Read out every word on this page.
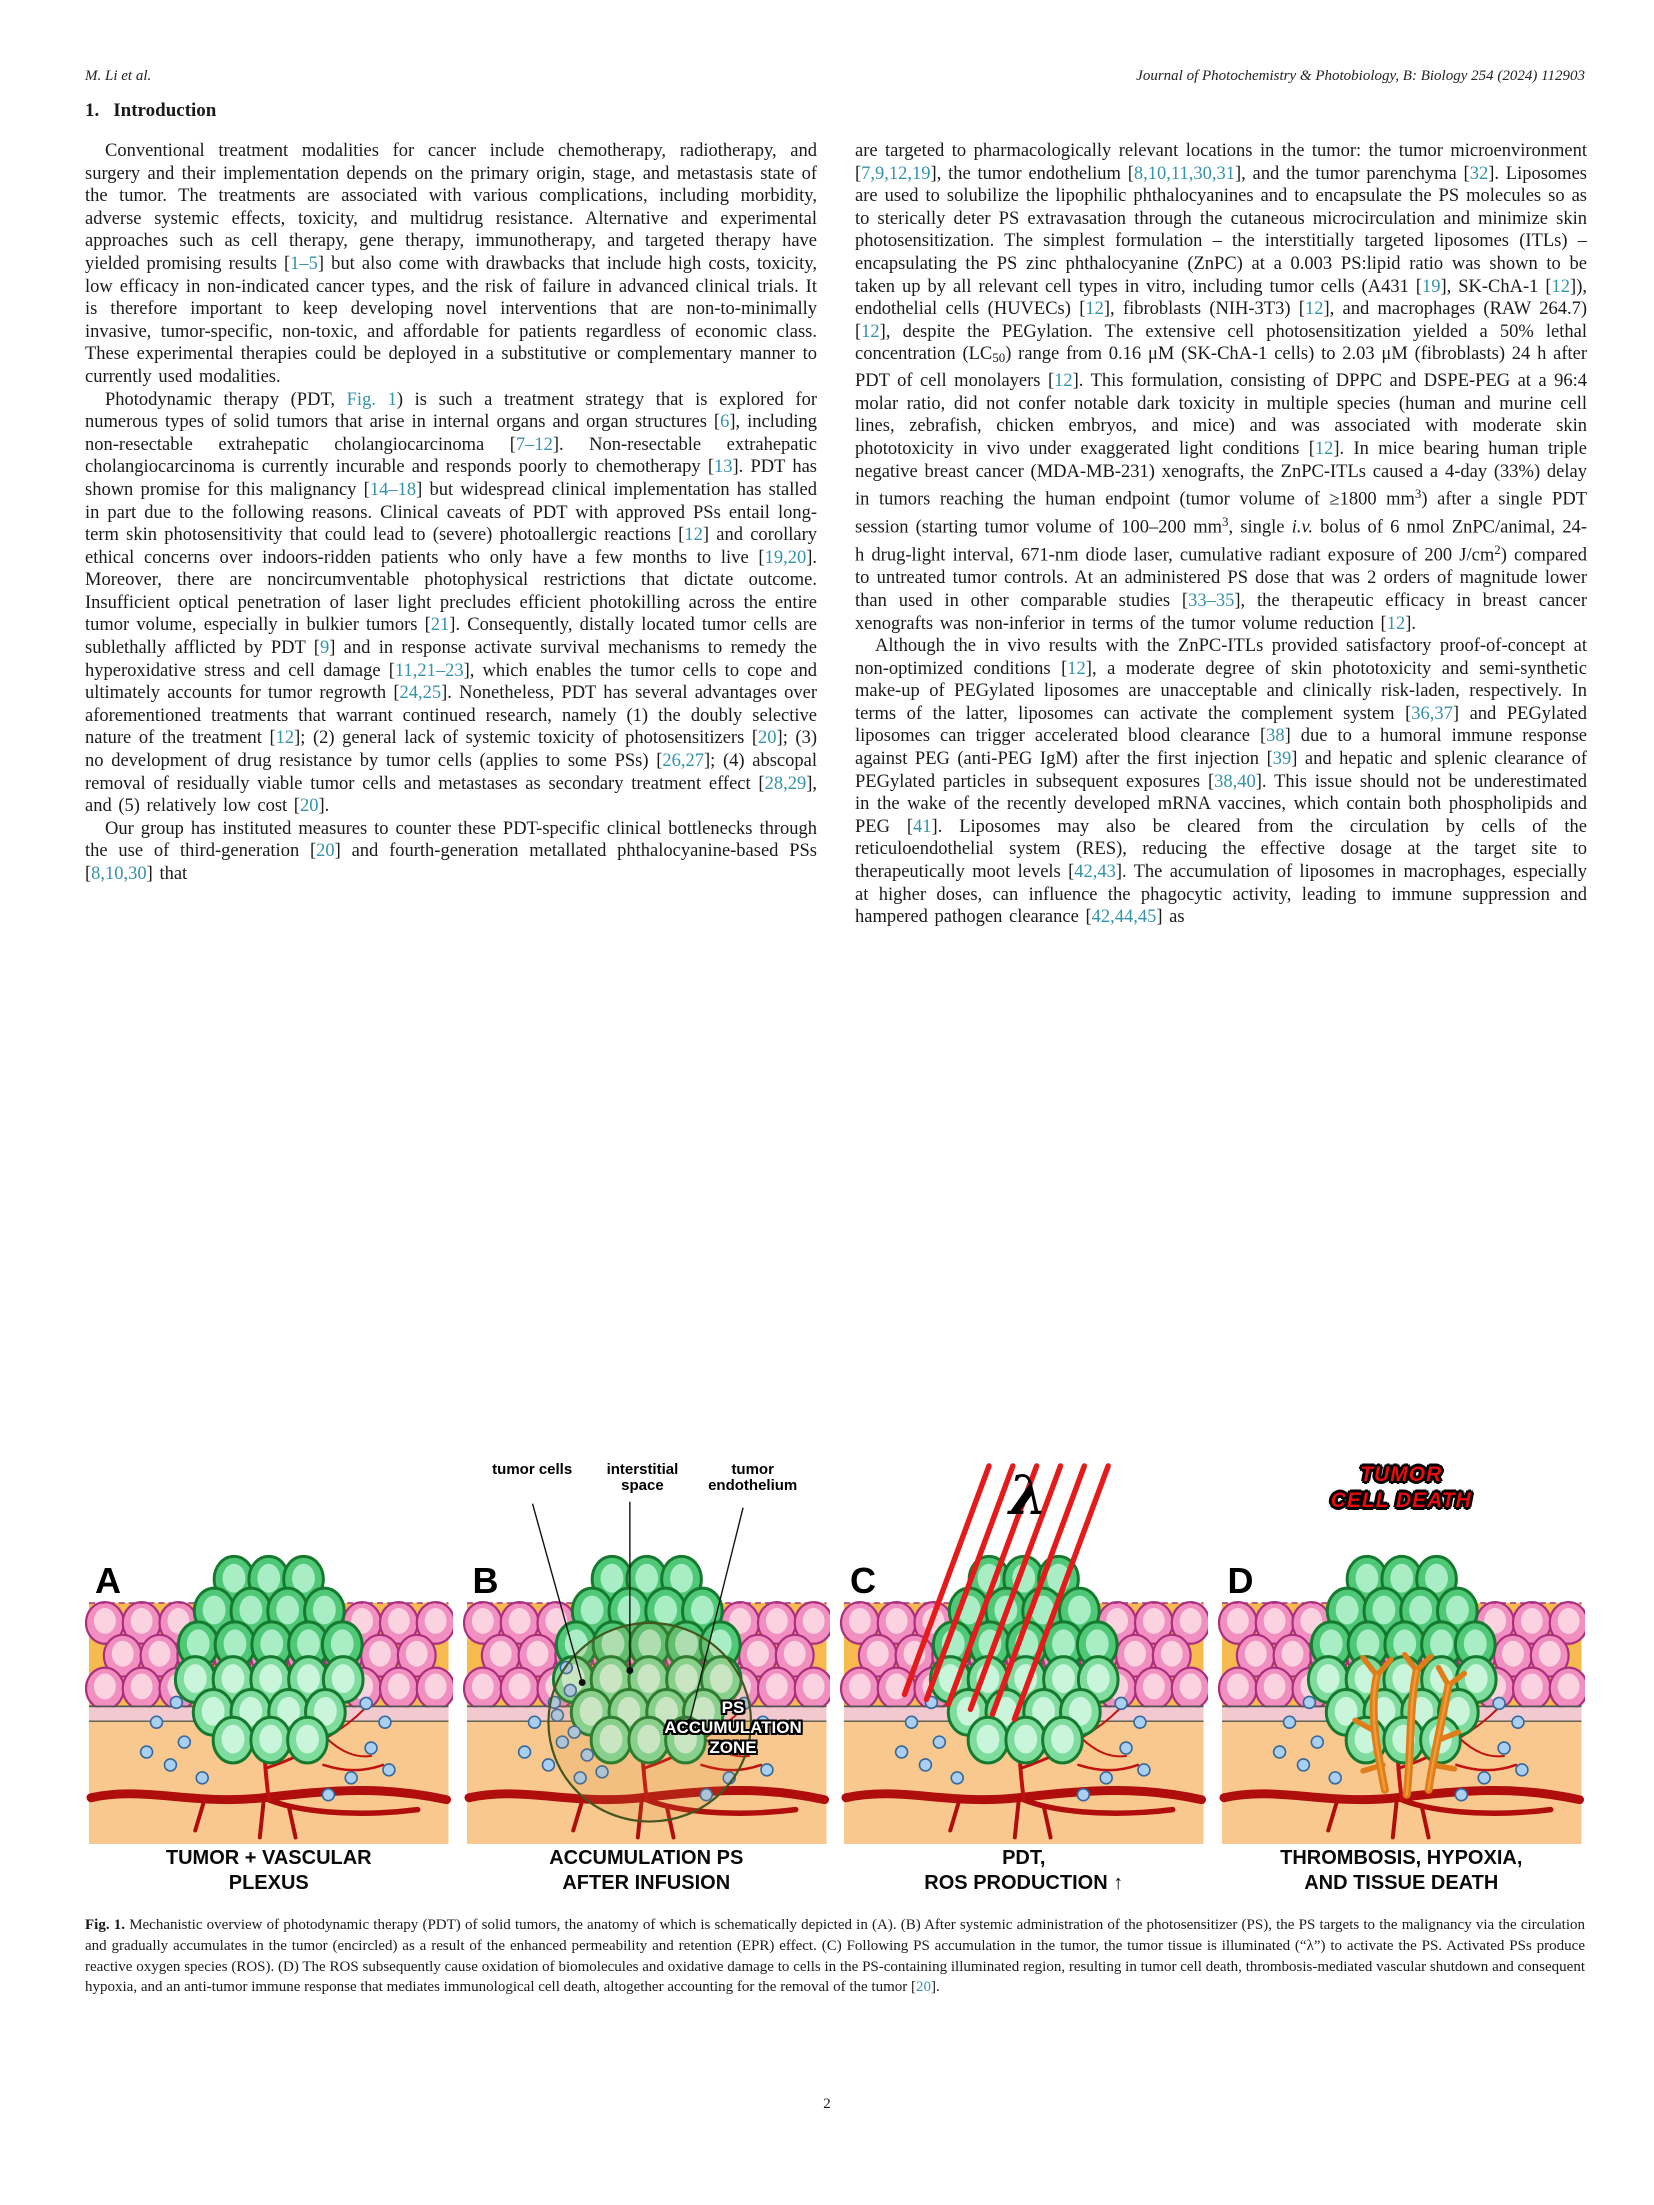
M. Li et al.	Journal of Photochemistry & Photobiology, B: Biology 254 (2024) 112903
1. Introduction

Conventional treatment modalities for cancer include chemotherapy, radiotherapy, and surgery and their implementation depends on the primary origin, stage, and metastasis state of the tumor. The treatments are associated with various complications, including morbidity, adverse systemic effects, toxicity, and multidrug resistance. Alternative and experimental approaches such as cell therapy, gene therapy, immunotherapy, and targeted therapy have yielded promising results [1–5] but also come with drawbacks that include high costs, toxicity, low efficacy in non-indicated cancer types, and the risk of failure in advanced clinical trials. It is therefore important to keep developing novel interventions that are non-to-minimally invasive, tumor-specific, non-toxic, and affordable for patients regardless of economic class. These experimental therapies could be deployed in a substitutive or complementary manner to currently used modalities.

Photodynamic therapy (PDT, Fig. 1) is such a treatment strategy that is explored for numerous types of solid tumors that arise in internal organs and organ structures [6], including non-resectable extrahepatic cholangiocarcinoma [7–12]. Non-resectable extrahepatic cholangiocarcinoma is currently incurable and responds poorly to chemotherapy [13]. PDT has shown promise for this malignancy [14–18] but widespread clinical implementation has stalled in part due to the following reasons. Clinical caveats of PDT with approved PSs entail long-term skin photosensitivity that could lead to (severe) photoallergic reactions [12] and corollary ethical concerns over indoors-ridden patients who only have a few months to live [19,20]. Moreover, there are noncircumventable photophysical restrictions that dictate outcome. Insufficient optical penetration of laser light precludes efficient photokilling across the entire tumor volume, especially in bulkier tumors [21]. Consequently, distally located tumor cells are sublethally afflicted by PDT [9] and in response activate survival mechanisms to remedy the hyperoxidative stress and cell damage [11,21–23], which enables the tumor cells to cope and ultimately accounts for tumor regrowth [24,25]. Nonetheless, PDT has several advantages over aforementioned treatments that warrant continued research, namely (1) the doubly selective nature of the treatment [12]; (2) general lack of systemic toxicity of photosensitizers [20]; (3) no development of drug resistance by tumor cells (applies to some PSs) [26,27]; (4) abscopal removal of residually viable tumor cells and metastases as secondary treatment effect [28,29], and (5) relatively low cost [20].

Our group has instituted measures to counter these PDT-specific clinical bottlenecks through the use of third-generation [20] and fourth-generation metallated phthalocyanine-based PSs [8,10,30] that

are targeted to pharmacologically relevant locations in the tumor: the tumor microenvironment [7,9,12,19], the tumor endothelium [8,10,11,30,31], and the tumor parenchyma [32]. Liposomes are used to solubilize the lipophilic phthalocyanines and to encapsulate the PS molecules so as to sterically deter PS extravasation through the cutaneous microcirculation and minimize skin photosensitization. The simplest formulation – the interstitially targeted liposomes (ITLs) – encapsulating the PS zinc phthalocyanine (ZnPC) at a 0.003 PS:lipid ratio was shown to be taken up by all relevant cell types in vitro, including tumor cells (A431 [19], SK-ChA-1 [12]), endothelial cells (HUVECs) [12], fibroblasts (NIH-3T3) [12], and macrophages (RAW 264.7) [12], despite the PEGylation. The extensive cell photosensitization yielded a 50% lethal concentration (LC50) range from 0.16 μM (SK-ChA-1 cells) to 2.03 μM (fibroblasts) 24 h after PDT of cell monolayers [12]. This formulation, consisting of DPPC and DSPE-PEG at a 96:4 molar ratio, did not confer notable dark toxicity in multiple species (human and murine cell lines, zebrafish, chicken embryos, and mice) and was associated with moderate skin phototoxicity in vivo under exaggerated light conditions [12]. In mice bearing human triple negative breast cancer (MDA-MB-231) xenografts, the ZnPC-ITLs caused a 4-day (33%) delay in tumors reaching the human endpoint (tumor volume of ≥1800 $mm^3$) after a single PDT session (starting tumor volume of 100–200 $mm^3$, single i.v. bolus of 6 nmol ZnPC/animal, 24-h drug-light interval, 671-nm diode laser, cumulative radiant exposure of 200 $J/cm^2$) compared to untreated tumor controls. At an administered PS dose that was 2 orders of magnitude lower than used in other comparable studies [33–35], the therapeutic efficacy in breast cancer xenografts was non-inferior in terms of the tumor volume reduction [12].

Although the in vivo results with the ZnPC-ITLs provided satisfactory proof-of-concept at non-optimized conditions [12], a moderate degree of skin phototoxicity and semi-synthetic make-up of PEGylated liposomes are unacceptable and clinically risk-laden, respectively. In terms of the latter, liposomes can activate the complement system [36,37] and PEGylated liposomes can trigger accelerated blood clearance [38] due to a humoral immune response against PEG (anti-PEG IgM) after the first injection [39] and hepatic and splenic clearance of PEGylated particles in subsequent exposures [38,40]. This issue should not be underestimated in the wake of the recently developed mRNA vaccines, which contain both phospholipids and PEG [41]. Liposomes may also be cleared from the circulation by cells of the reticuloendothelial system (RES), reducing the effective dosage at the target site to therapeutically moot levels [42,43]. The accumulation of liposomes in macrophages, especially at higher doses, can influence the phagocytic activity, leading to immune suppression and hampered pathogen clearance [42,44,45] as

A
TUMOR + VASCULAR
PLEXUS
B
tumor cells	interstitial space
tumor endothelium
PS
ACCUMULATION
ZONE
ACCUMULATION PS
AFTER INFUSION
C
λ
PDT,
ROS PRODUCTION ↑
D
TUMOR
CELL DEATH
THROMBOSIS, HYPOXIA,
AND TISSUE DEATH
Fig. 1. Mechanistic overview of photodynamic therapy (PDT) of solid tumors, the anatomy of which is schematically depicted in (A). (B) After systemic administration of the photosensitizer (PS), the PS targets to the malignancy via the circulation and gradually accumulates in the tumor (encircled) as a result of the enhanced permeability and retention (EPR) effect. (C) Following PS accumulation in the tumor, the tumor tissue is illuminated (“λ”) to activate the PS. Activated PSs produce reactive oxygen species (ROS). (D) The ROS subsequently cause oxidation of biomolecules and oxidative damage to cells in the PS-containing illuminated region, resulting in tumor cell death, thrombosis-mediated vascular shutdown and consequent hypoxia, and an anti-tumor immune response that mediates immunological cell death, altogether accounting for the removal of the tumor [20].
2
